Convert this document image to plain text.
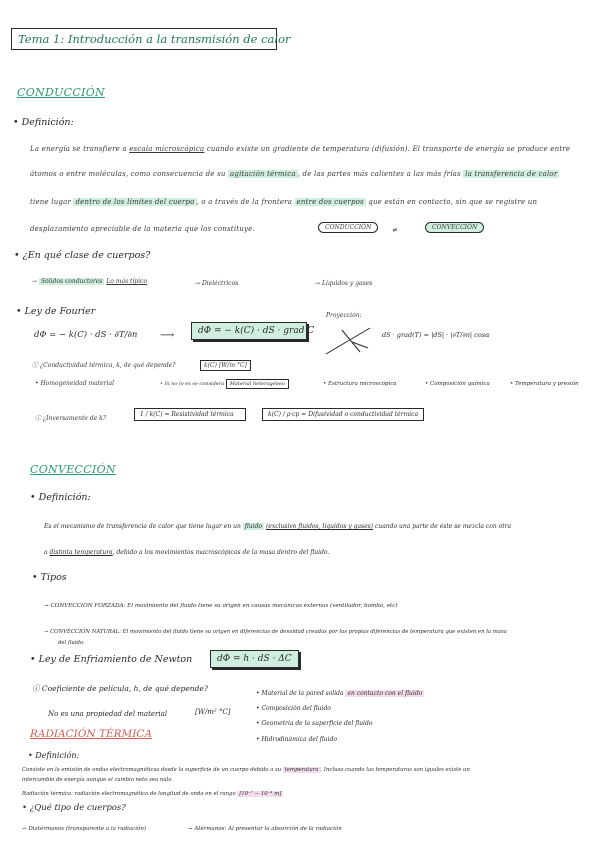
Tema 1: Introducción a la transmisión de calor
CONDUCCIÓN
• Definición:
La energía se transfiere a escala microscópica cuando existe un gradiente de temperatura (difusión). El transporte de energía se produce entre
átomos o entre moléculas, como consecuencia de su agitación térmica , de las partes más calientes a las más frías la transferencia de calor
tiene lugar dentro de los límites del cuerpo , o a través de la frontera entre dos cuerpos que están en contacto, sin que se registre un
desplazamiento apreciable de la materia que los constituye.	CONDUCCIÓN	≠	CONVECCIÓN
• ¿En qué clase de cuerpos?
→ Sólidos conductores Lo más típico	→ Dieléctricos	→ Líquidos y gases
• Ley de Fourier
dΦ = − k(C) · dS · ∂T/∂n ⟶	dΦ = − k(C) · dS · grad C
Proyección:
dS · grad(T) = |dS| · |∂T/∂n| cosα
ⓘ ¿Conductividad térmica, k, de qué depende?	k(C) [W/m °C]
• Homogeneidad material	• Si no lo es se considera Material heterogéneo	• Estructura microscópica	• Composición química	• Temperatura y presión
ⓘ ¿Inversamente de k?
1 / k(C) = Resistividad térmica	k(C) / ρ·cp = Difusividad o conductividad térmica
CONVECCIÓN
• Definición:
Es el mecanismo de transferencia de calor que tiene lugar en un fluido (exclusivo fluidos, líquidos y gases) cuando una parte de éste se mezcla con otra
a distinta temperatura, debido a los movimientos macroscópicos de la masa dentro del fluido.
• Tipos
→ CONVECCIÓN FORZADA: El movimiento del fluido tiene su origen en causas mecánicas externas (ventilador, bomba, etc)
→ CONVECCIÓN NATURAL: El movimiento del fluido tiene su origen en diferencias de densidad creadas por las propias diferencias de temperatura que existen en la masa
del fluido.
• Ley de Enfriamiento de Newton	dΦ = h · dS · ΔC
ⓘ Coeficiente de película, h, de qué depende?
No es una propiedad del material	[W/m² °C]
• Material de la pared sólida en contacto con el fluido
• Composición del fluido
• Geometría de la superficie del fluido
• Hidrodinámica del fluido
RADIACIÓN TÉRMICA
• Definición:
Consiste en la emisión de ondas electromagnéticas desde la superficie de un cuerpo debido a su temperatura . Incluso cuando las temperaturas son iguales existe un
intercambio de energía aunque el cambio neto sea nulo
Radiación térmica: radiación electromagnética de longitud de onda en el rango [10⁻⁷ − 10⁻⁴ m]
• ¿Qué tipo de cuerpos?
→ Diatérmanos (transparente a la radiación)	→ Atérmanos: Al presentar la absorción de la radiación
